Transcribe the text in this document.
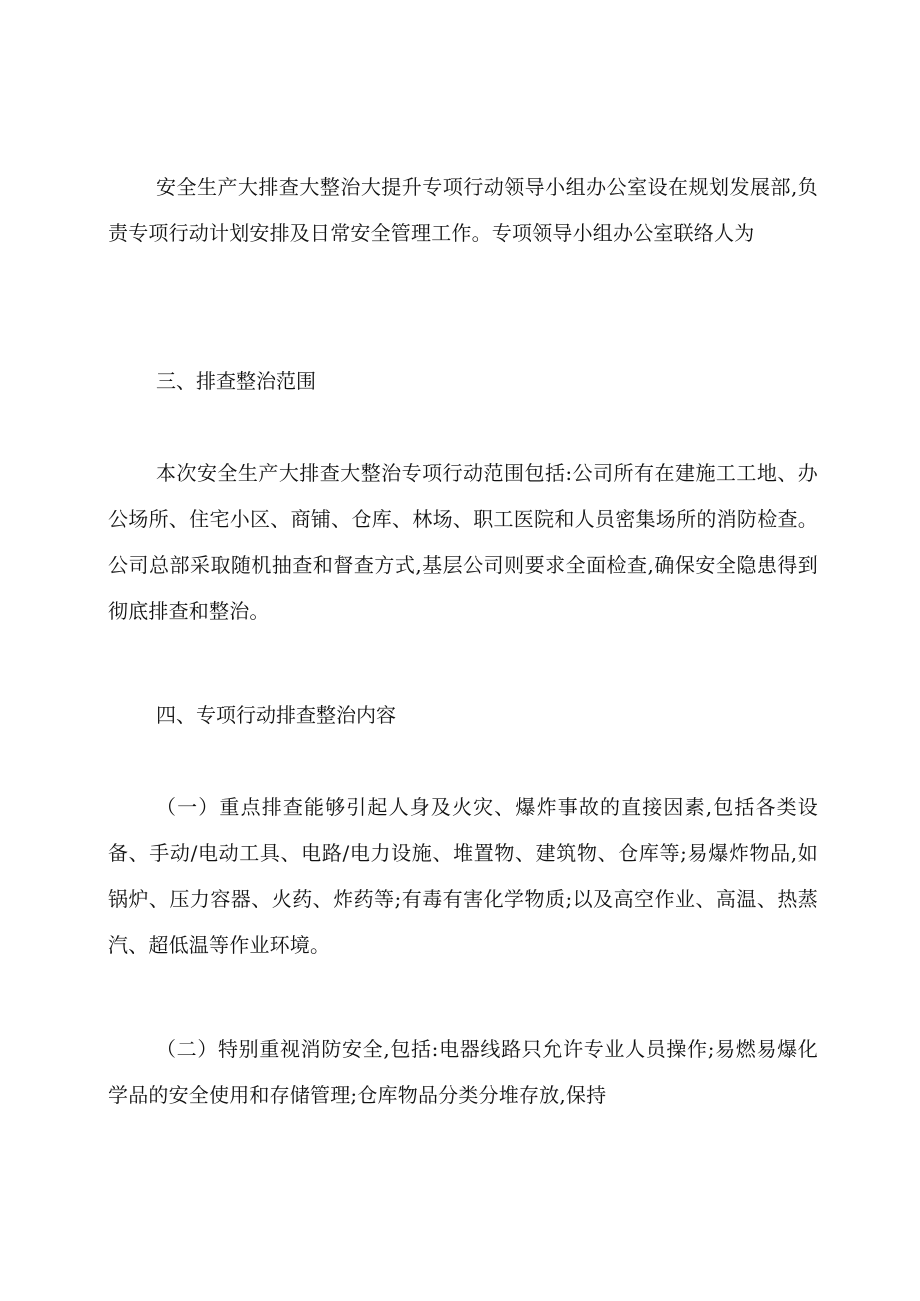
安全生产大排查大整治大提升专项行动领导小组办公室设在规划发展部,负责专项行动计划安排及日常安全管理工作。专项领导小组办公室联络人为

三、排查整治范围

本次安全生产大排查大整治专项行动范围包括:公司所有在建施工工地、办公场所、住宅小区、商铺、仓库、林场、职工医院和人员密集场所的消防检查。公司总部采取随机抽查和督查方式,基层公司则要求全面检查,确保安全隐患得到彻底排查和整治。

四、专项行动排查整治内容

（一）重点排查能够引起人身及火灾、爆炸事故的直接因素,包括各类设备、手动/电动工具、电路/电力设施、堆置物、建筑物、仓库等;易爆炸物品,如锅炉、压力容器、火药、炸药等;有毒有害化学物质;以及高空作业、高温、热蒸汽、超低温等作业环境。

（二）特别重视消防安全,包括:电器线路只允许专业人员操作;易燃易爆化学品的安全使用和存储管理;仓库物品分类分堆存放,保持
